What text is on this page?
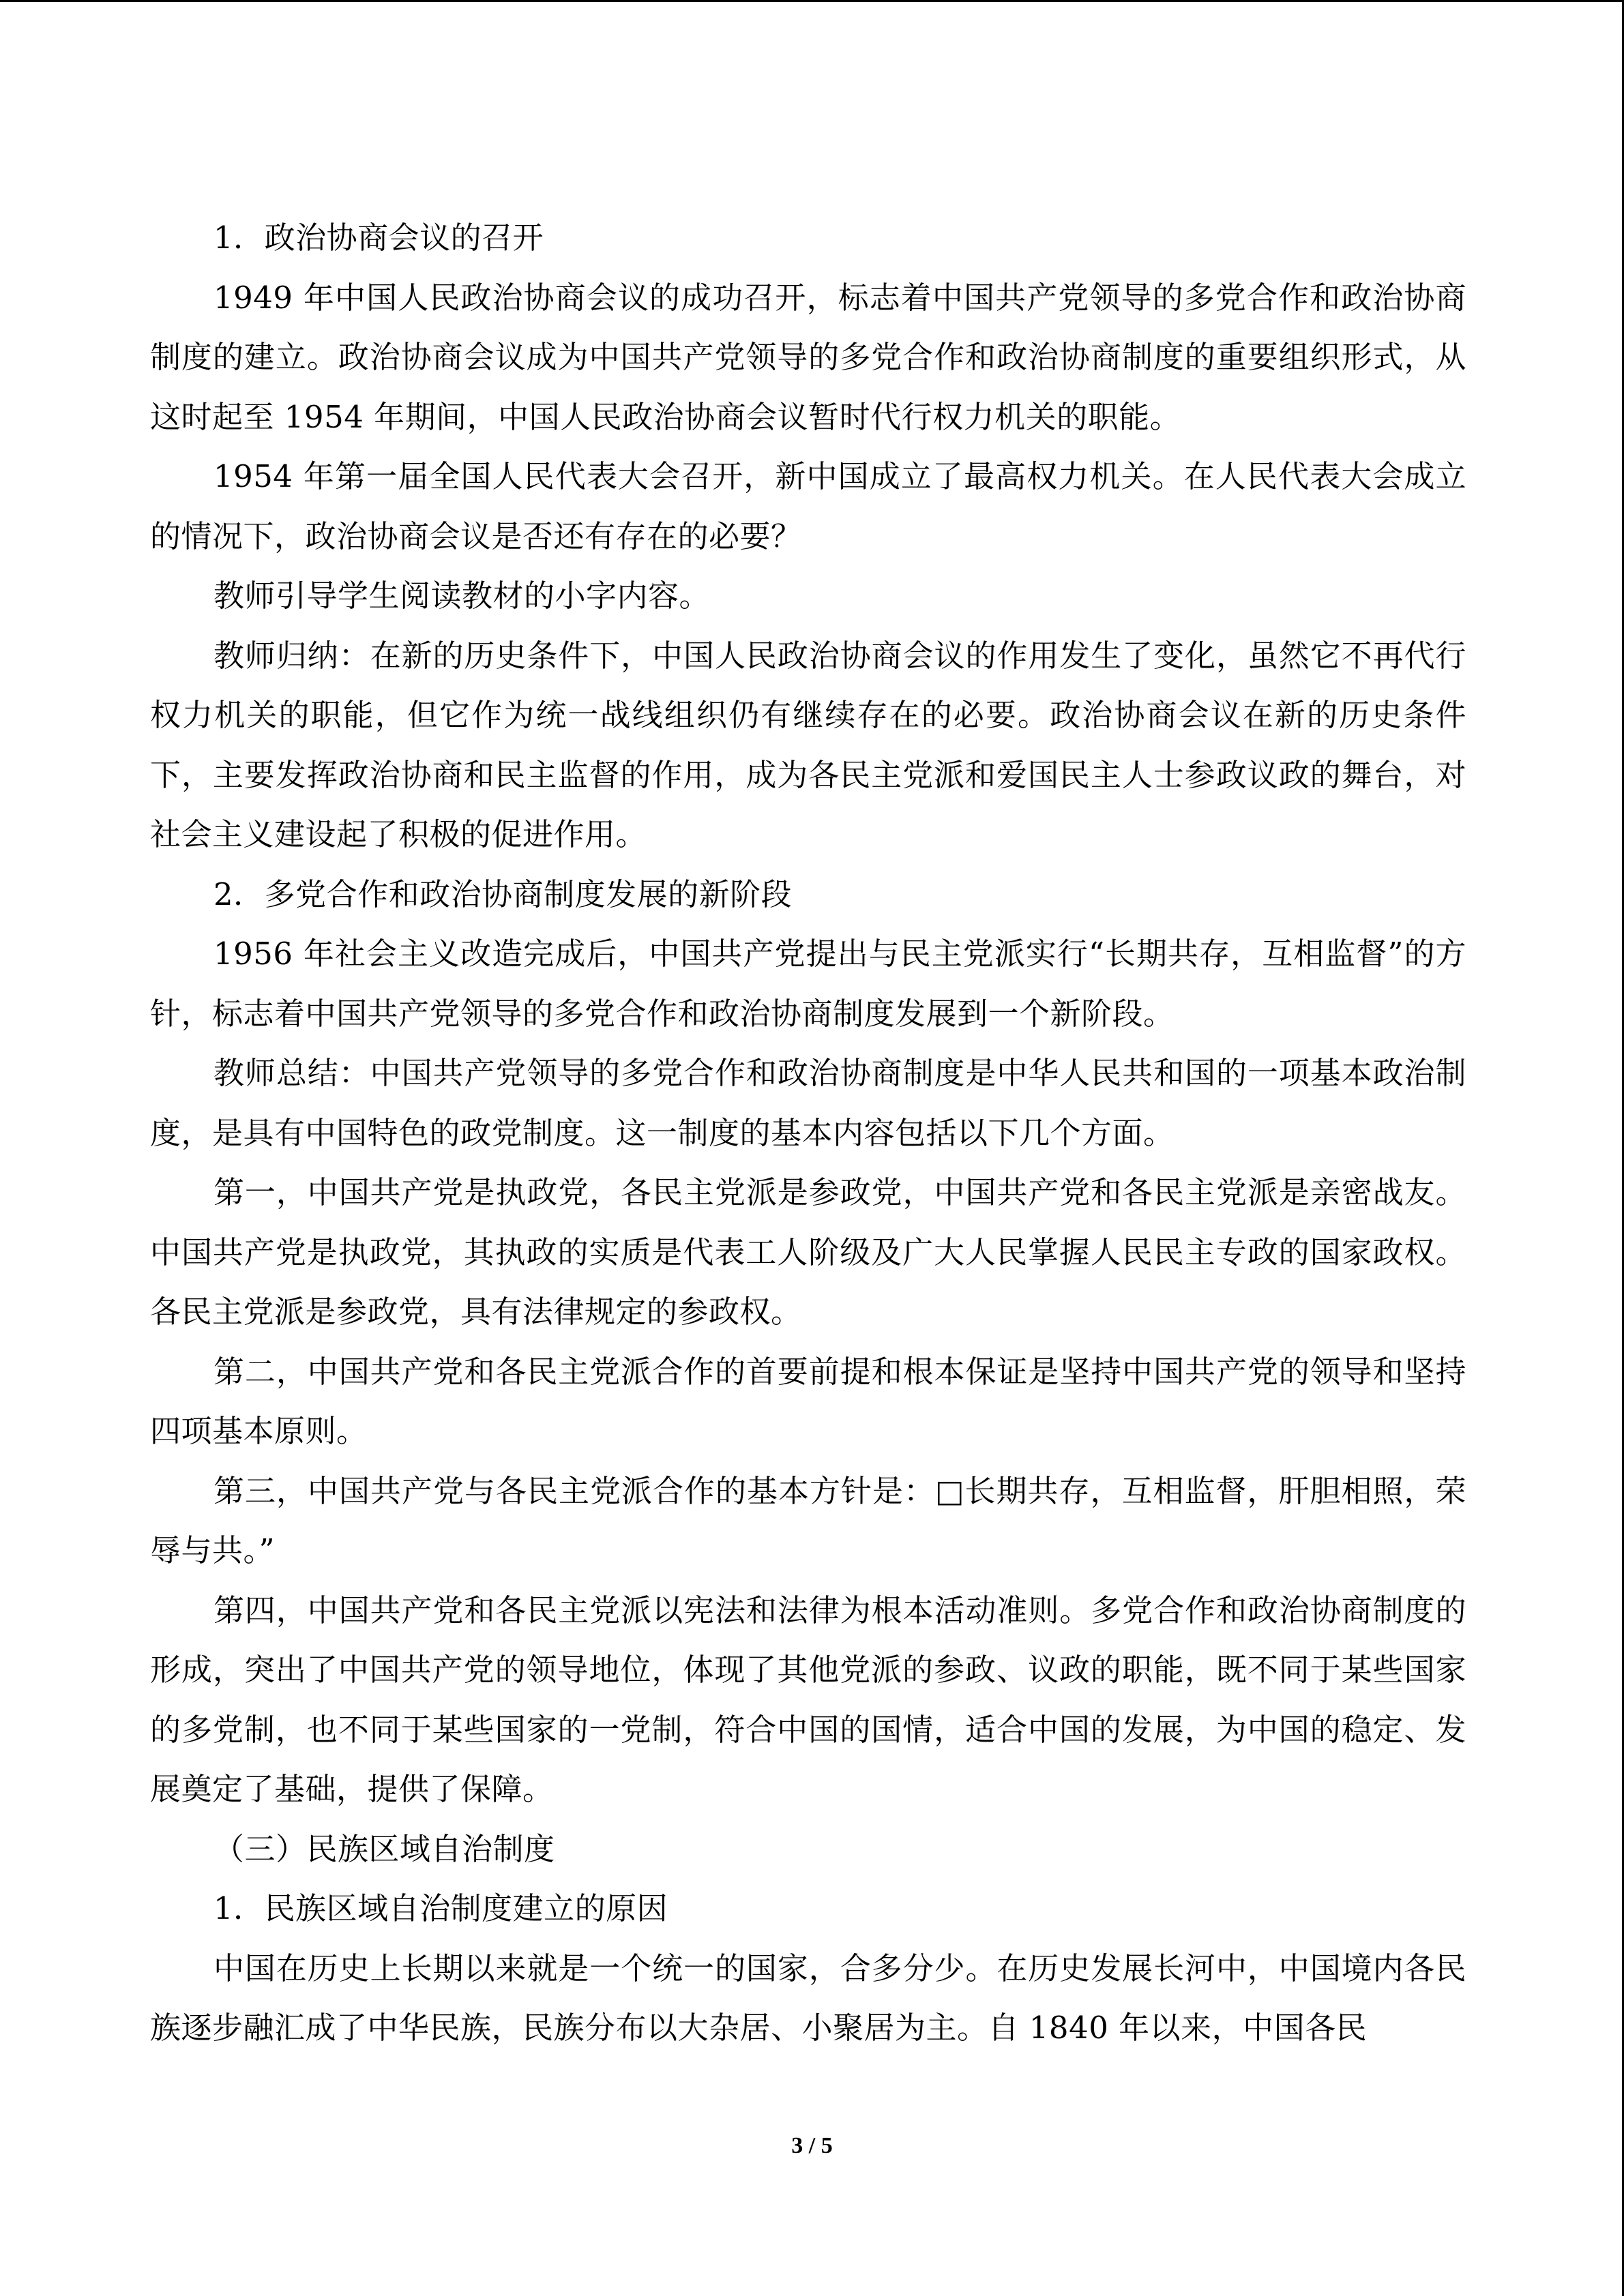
1．政治协商会议的召开

1949 年中国人民政治协商会议的成功召开，标志着中国共产党领导的多党合作和政治协商制度的建立。政治协商会议成为中国共产党领导的多党合作和政治协商制度的重要组织形式，从这时起至 1954 年期间，中国人民政治协商会议暂时代行权力机关的职能。

1954 年第一届全国人民代表大会召开，新中国成立了最高权力机关。在人民代表大会成立的情况下，政治协商会议是否还有存在的必要？

教师引导学生阅读教材的小字内容。

教师归纳：在新的历史条件下，中国人民政治协商会议的作用发生了变化，虽然它不再代行权力机关的职能，但它作为统一战线组织仍有继续存在的必要。政治协商会议在新的历史条件下，主要发挥政治协商和民主监督的作用，成为各民主党派和爱国民主人士参政议政的舞台，对社会主义建设起了积极的促进作用。

2．多党合作和政治协商制度发展的新阶段

1956 年社会主义改造完成后，中国共产党提出与民主党派实行“长期共存，互相监督”的方针，标志着中国共产党领导的多党合作和政治协商制度发展到一个新阶段。

教师总结：中国共产党领导的多党合作和政治协商制度是中华人民共和国的一项基本政治制度，是具有中国特色的政党制度。这一制度的基本内容包括以下几个方面。

第一，中国共产党是执政党，各民主党派是参政党，中国共产党和各民主党派是亲密战友。中国共产党是执政党，其执政的实质是代表工人阶级及广大人民掌握人民民主专政的国家政权。各民主党派是参政党，具有法律规定的参政权。

第二，中国共产党和各民主党派合作的首要前提和根本保证是坚持中国共产党的领导和坚持四项基本原则。

第三，中国共产党与各民主党派合作的基本方针是：□长期共存，互相监督，肝胆相照，荣辱与共。”

第四，中国共产党和各民主党派以宪法和法律为根本活动准则。多党合作和政治协商制度的形成，突出了中国共产党的领导地位，体现了其他党派的参政、议政的职能，既不同于某些国家的多党制，也不同于某些国家的一党制，符合中国的国情，适合中国的发展，为中国的稳定、发展奠定了基础，提供了保障。

（三）民族区域自治制度

1．民族区域自治制度建立的原因

中国在历史上长期以来就是一个统一的国家，合多分少。在历史发展长河中，中国境内各民族逐步融汇成了中华民族，民族分布以大杂居、小聚居为主。自 1840 年以来，中国各民

3 / 5
